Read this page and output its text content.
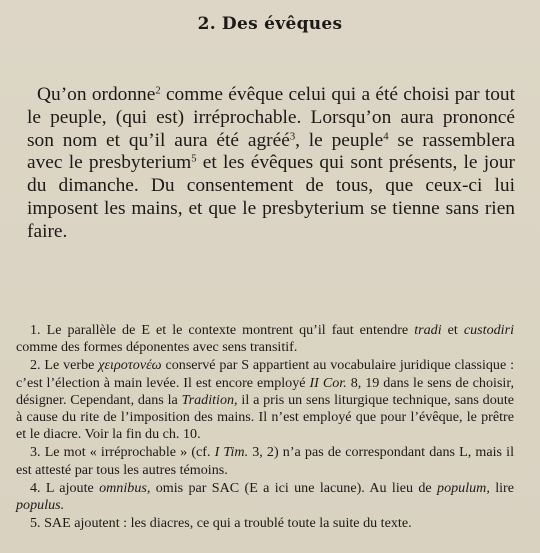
2. Des évêques

Qu’on ordonne$^2$ comme évêque celui qui a été choisi par tout le peuple, (qui est) irréprochable. Lorsqu’on aura prononcé son nom et qu’il aura été agréé$^3$, le peuple$^4$ se rassemblera avec le presbyterium$^5$ et les évêques qui sont présents, le jour du dimanche. Du consentement de tous, que ceux-ci lui imposent les mains, et que le presbyterium se tienne sans rien faire.

1. Le parallèle de E et le contexte montrent qu’il faut entendre tradi et custodiri comme des formes déponentes avec sens transitif.
2. Le verbe χειροτονέω conservé par S appartient au vocabulaire juridique classique : c’est l’élection à main levée. Il est encore employé II Cor. 8, 19 dans le sens de choisir, désigner. Cependant, dans la Tradition, il a pris un sens liturgique technique, sans doute à cause du rite de l’imposition des mains. Il n’est employé que pour l’évêque, le prêtre et le diacre. Voir la fin du ch. 10.
3. Le mot « irréprochable » (cf. I Tim. 3, 2) n’a pas de correspondant dans L, mais il est attesté par tous les autres témoins.
4. L ajoute omnibus, omis par SAC (E a ici une lacune). Au lieu de populum, lire populus.
5. SAE ajoutent : les diacres, ce qui a troublé toute la suite du texte.
